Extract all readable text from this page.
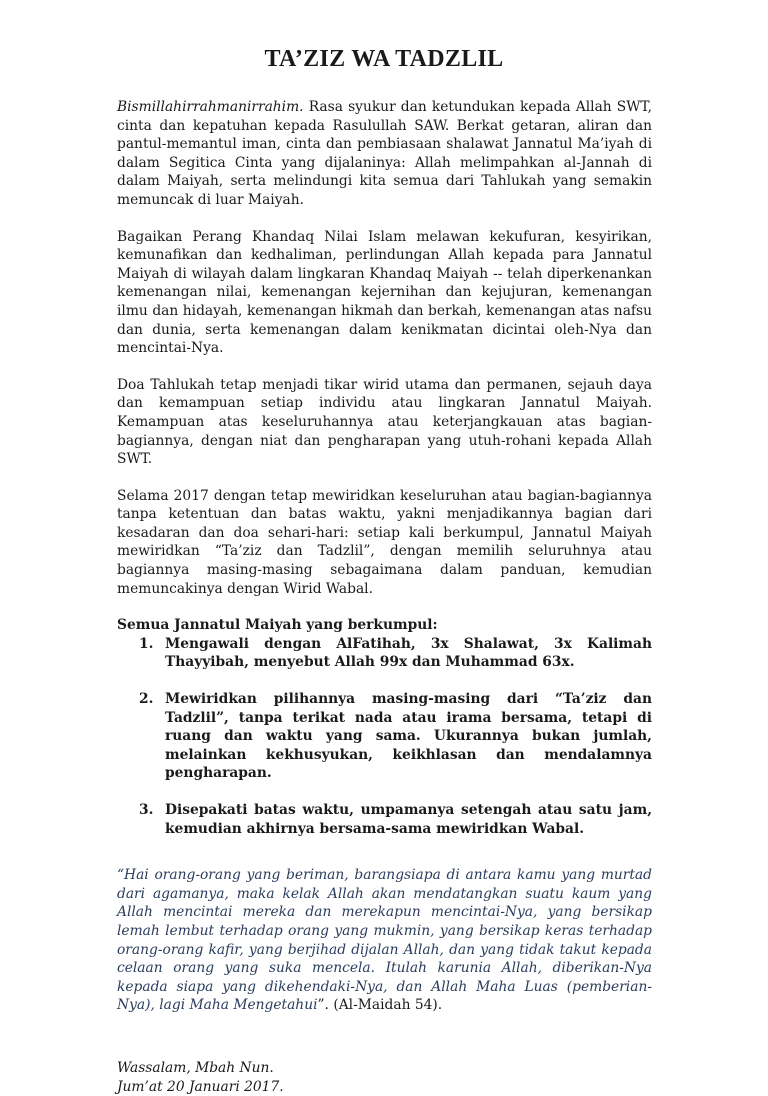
TA’ZIZ WA TADZLIL

Bismillahirrahmanirrahim. Rasa syukur dan ketundukan kepada Allah SWT, cinta dan kepatuhan kepada Rasulullah SAW. Berkat getaran, aliran dan pantul-memantul iman, cinta dan pembiasaan shalawat Jannatul Ma’iyah di dalam Segitica Cinta yang dijalaninya: Allah melimpahkan al-Jannah di dalam Maiyah, serta melindungi kita semua dari Tahlukah yang semakin memuncak di luar Maiyah.

Bagaikan Perang Khandaq Nilai Islam melawan kekufuran, kesyirikan, kemunafikan dan kedhaliman, perlindungan Allah kepada para Jannatul Maiyah di wilayah dalam lingkaran Khandaq Maiyah -- telah diperkenankan kemenangan nilai, kemenangan kejernihan dan kejujuran, kemenangan ilmu dan hidayah, kemenangan hikmah dan berkah, kemenangan atas nafsu dan dunia, serta kemenangan dalam kenikmatan dicintai oleh-Nya dan mencintai-Nya.

Doa Tahlukah tetap menjadi tikar wirid utama dan permanen, sejauh daya dan kemampuan setiap individu atau lingkaran Jannatul Maiyah. Kemampuan atas keseluruhannya atau keterjangkauan atas bagian-bagiannya, dengan niat dan pengharapan yang utuh-rohani kepada Allah SWT.

Selama 2017 dengan tetap mewiridkan keseluruhan atau bagian-bagiannya tanpa ketentuan dan batas waktu, yakni menjadikannya bagian dari kesadaran dan doa sehari-hari: setiap kali berkumpul, Jannatul Maiyah mewiridkan “Ta’ziz dan Tadzlil”, dengan memilih seluruhnya atau bagiannya masing-masing sebagaimana dalam panduan, kemudian memuncakinya dengan Wirid Wabal.

Semua Jannatul Maiyah yang berkumpul:

1. Mengawali dengan AlFatihah, 3x Shalawat, 3x Kalimah Thayyibah, menyebut Allah 99x dan Muhammad 63x.
2. Mewiridkan pilihannya masing-masing dari “Ta’ziz dan Tadzlil”, tanpa terikat nada atau irama bersama, tetapi di ruang dan waktu yang sama. Ukurannya bukan jumlah, melainkan kekhusyukan, keikhlasan dan mendalamnya pengharapan.
3. Disepakati batas waktu, umpamanya setengah atau satu jam, kemudian akhirnya bersama-sama mewiridkan Wabal.

“Hai orang-orang yang beriman, barangsiapa di antara kamu yang murtad dari agamanya, maka kelak Allah akan mendatangkan suatu kaum yang Allah mencintai mereka dan merekapun mencintai-Nya, yang bersikap lemah lembut terhadap orang yang mukmin, yang bersikap keras terhadap orang-orang kafir, yang berjihad dijalan Allah, dan yang tidak takut kepada celaan orang yang suka mencela. Itulah karunia Allah, diberikan-Nya kepada siapa yang dikehendaki-Nya, dan Allah Maha Luas (pemberian-Nya), lagi Maha Mengetahui”. (Al-Maidah 54).

Wassalam, Mbah Nun.
Jum’at 20 Januari 2017.
